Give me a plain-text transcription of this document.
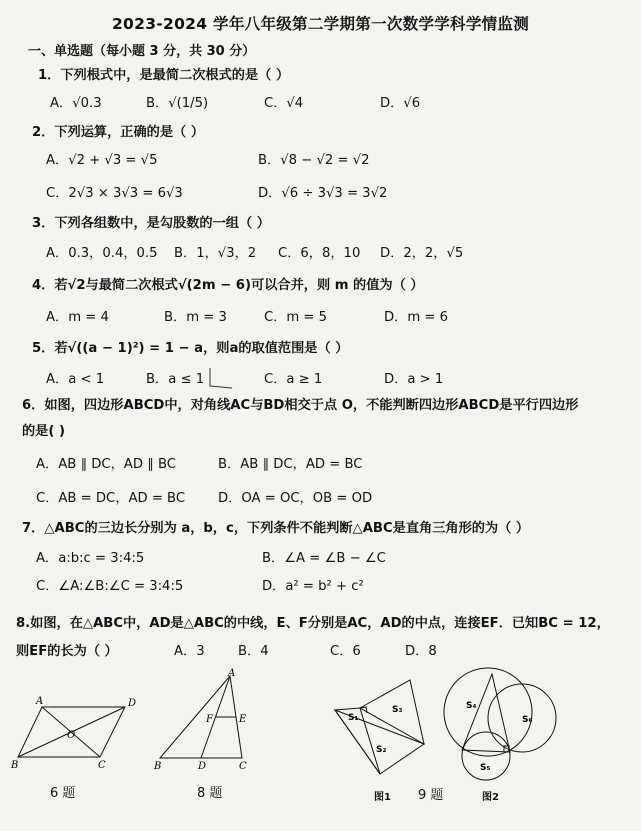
2023-2024 学年八年级第二学期第一次数学学科学情监测
一、单选题（每小题 3 分，共 30 分）
1．下列根式中，是最简二次根式的是（ ）
A．√0.3	B．√(1/5)	C．√4	D．√6
2．下列运算，正确的是（ ）
A．√2 + √3 = √5	B．√8 − √2 = √2
C．2√3 × 3√3 = 6√3	D．√6 ÷ 3√3 = 3√2
3．下列各组数中，是勾股数的一组（ ）
A．0.3，0.4，0.5 B．1，√3，2 C．6，8，10 D．2，2，√5
4．若√2与最简二次根式√(2m − 6)可以合并，则 m 的值为（ ）
A．m = 4	B．m = 3	C．m = 5	D．m = 6
5．若√((a − 1)²) = 1 − a，则a的取值范围是（ ）
A．a < 1	B．a ≤ 1	C．a ≥ 1	D．a > 1
6．如图，四边形ABCD中，对角线AC与BD相交于点 O，不能判断四边形ABCD是平行四边形
的是( )
A．AB ∥ DC，AD ∥ BC	B．AB ∥ DC，AD = BC
C．AB = DC，AD = BC D．OA = OC，OB = OD
7．△ABC的三边长分别为 a，b，c，下列条件不能判断△ABC是直角三角形的为（ ）
A．a:b:c = 3:4:5	B．∠A = ∠B − ∠C
C．∠A:∠B:∠C = 3:4:5	D．a² = b² + c²
8.如图，在△ABC中，AD是△ABC的中线，E、F分别是AC，AD的中点，连接EF．已知BC = 12，
则EF的长为（ ）	A．3	B．4	C．6	D．8
A	D
O
B	C
6 题
A
F	E
B	D	C
8 题
S₁
S₃
S₂
图1 9 题
S₄
S₆
S₅
图2
